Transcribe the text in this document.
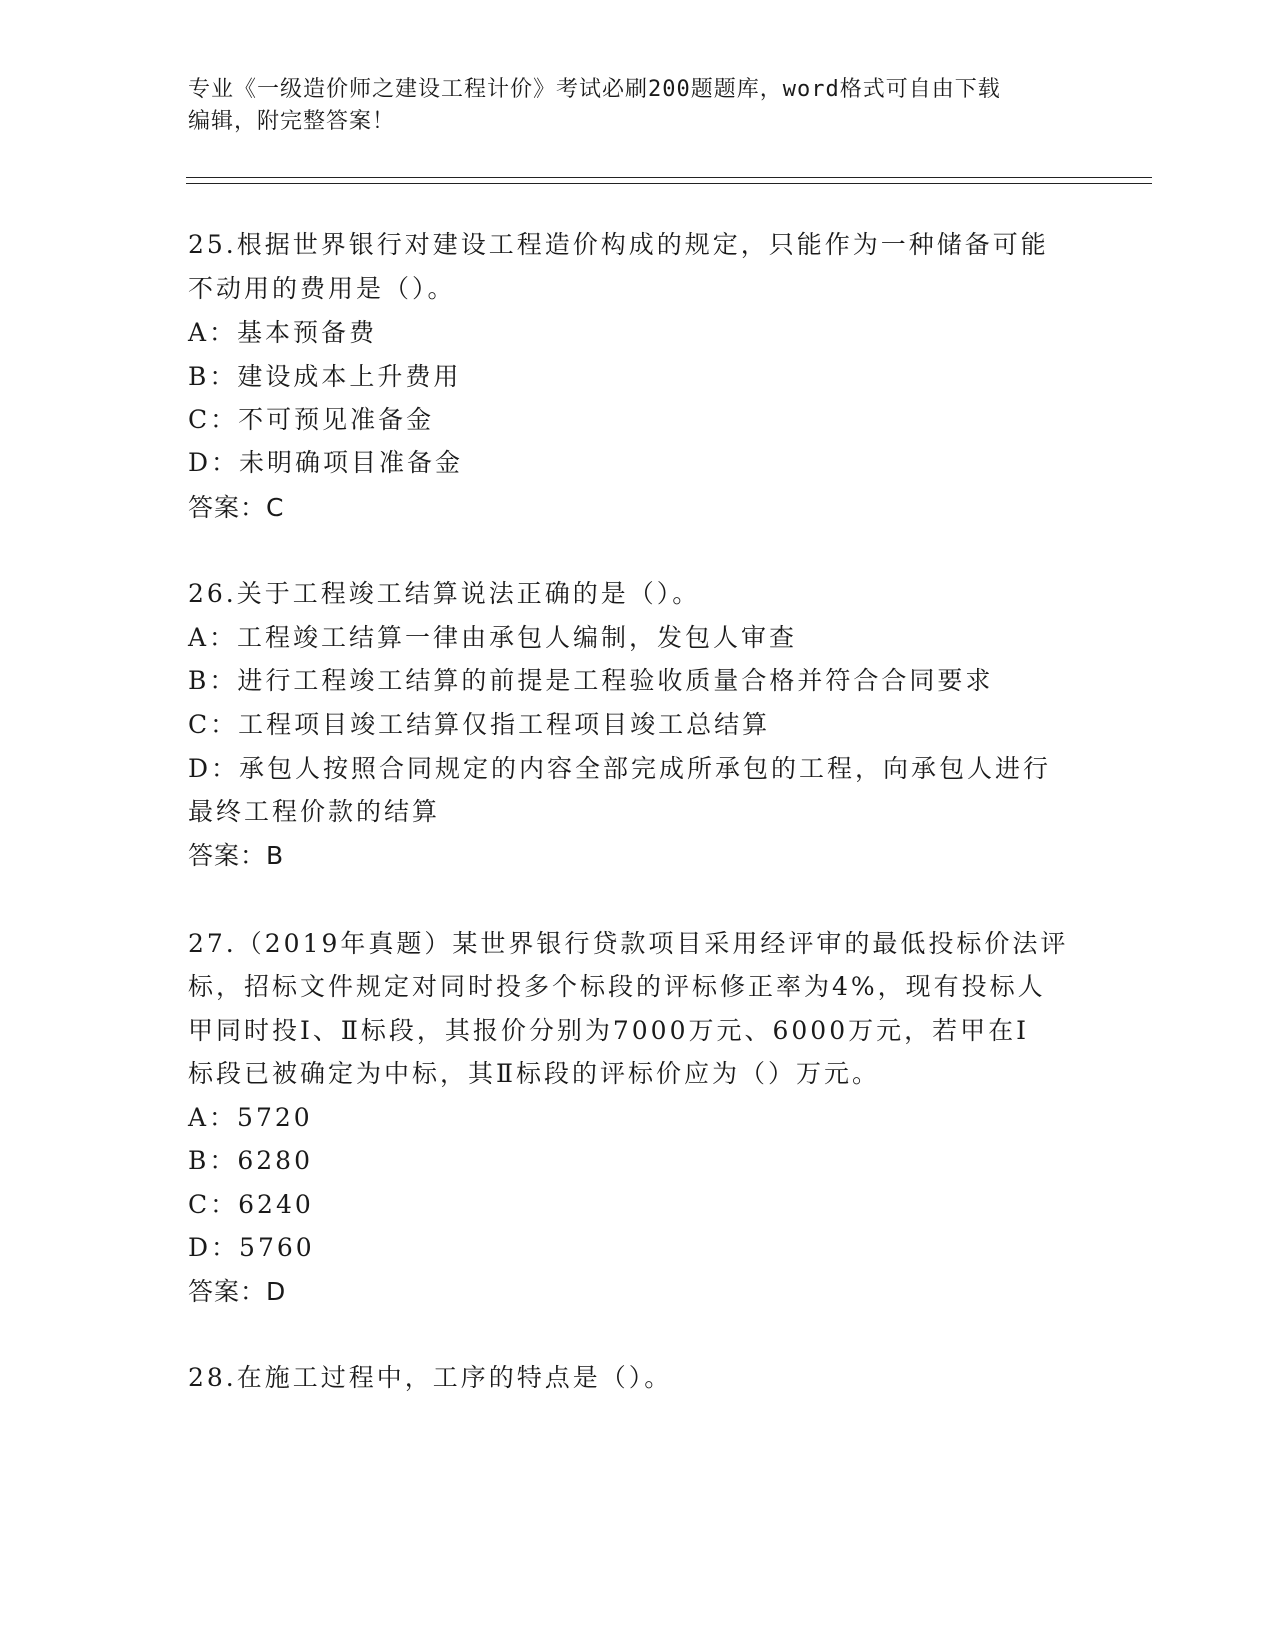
专业《一级造价师之建设工程计价》考试必刷200题题库，word格式可自由下载
编辑，附完整答案！
25.根据世界银行对建设工程造价构成的规定，只能作为一种储备可能
不动用的费用是（）。
A：基本预备费
B：建设成本上升费用
C：不可预见准备金
D：未明确项目准备金
答案：C
26.关于工程竣工结算说法正确的是（）。
A：工程竣工结算一律由承包人编制，发包人审查
B：进行工程竣工结算的前提是工程验收质量合格并符合合同要求
C：工程项目竣工结算仅指工程项目竣工总结算
D：承包人按照合同规定的内容全部完成所承包的工程，向承包人进行
最终工程价款的结算
答案：B
27.（2019年真题）某世界银行贷款项目采用经评审的最低投标价法评
标，招标文件规定对同时投多个标段的评标修正率为4%，现有投标人
甲同时投Ⅰ、Ⅱ标段，其报价分别为7000万元、6000万元，若甲在Ⅰ
标段已被确定为中标，其Ⅱ标段的评标价应为（）万元。
A：5720
B：6280
C：6240
D：5760
答案：D
28.在施工过程中，工序的特点是（）。
